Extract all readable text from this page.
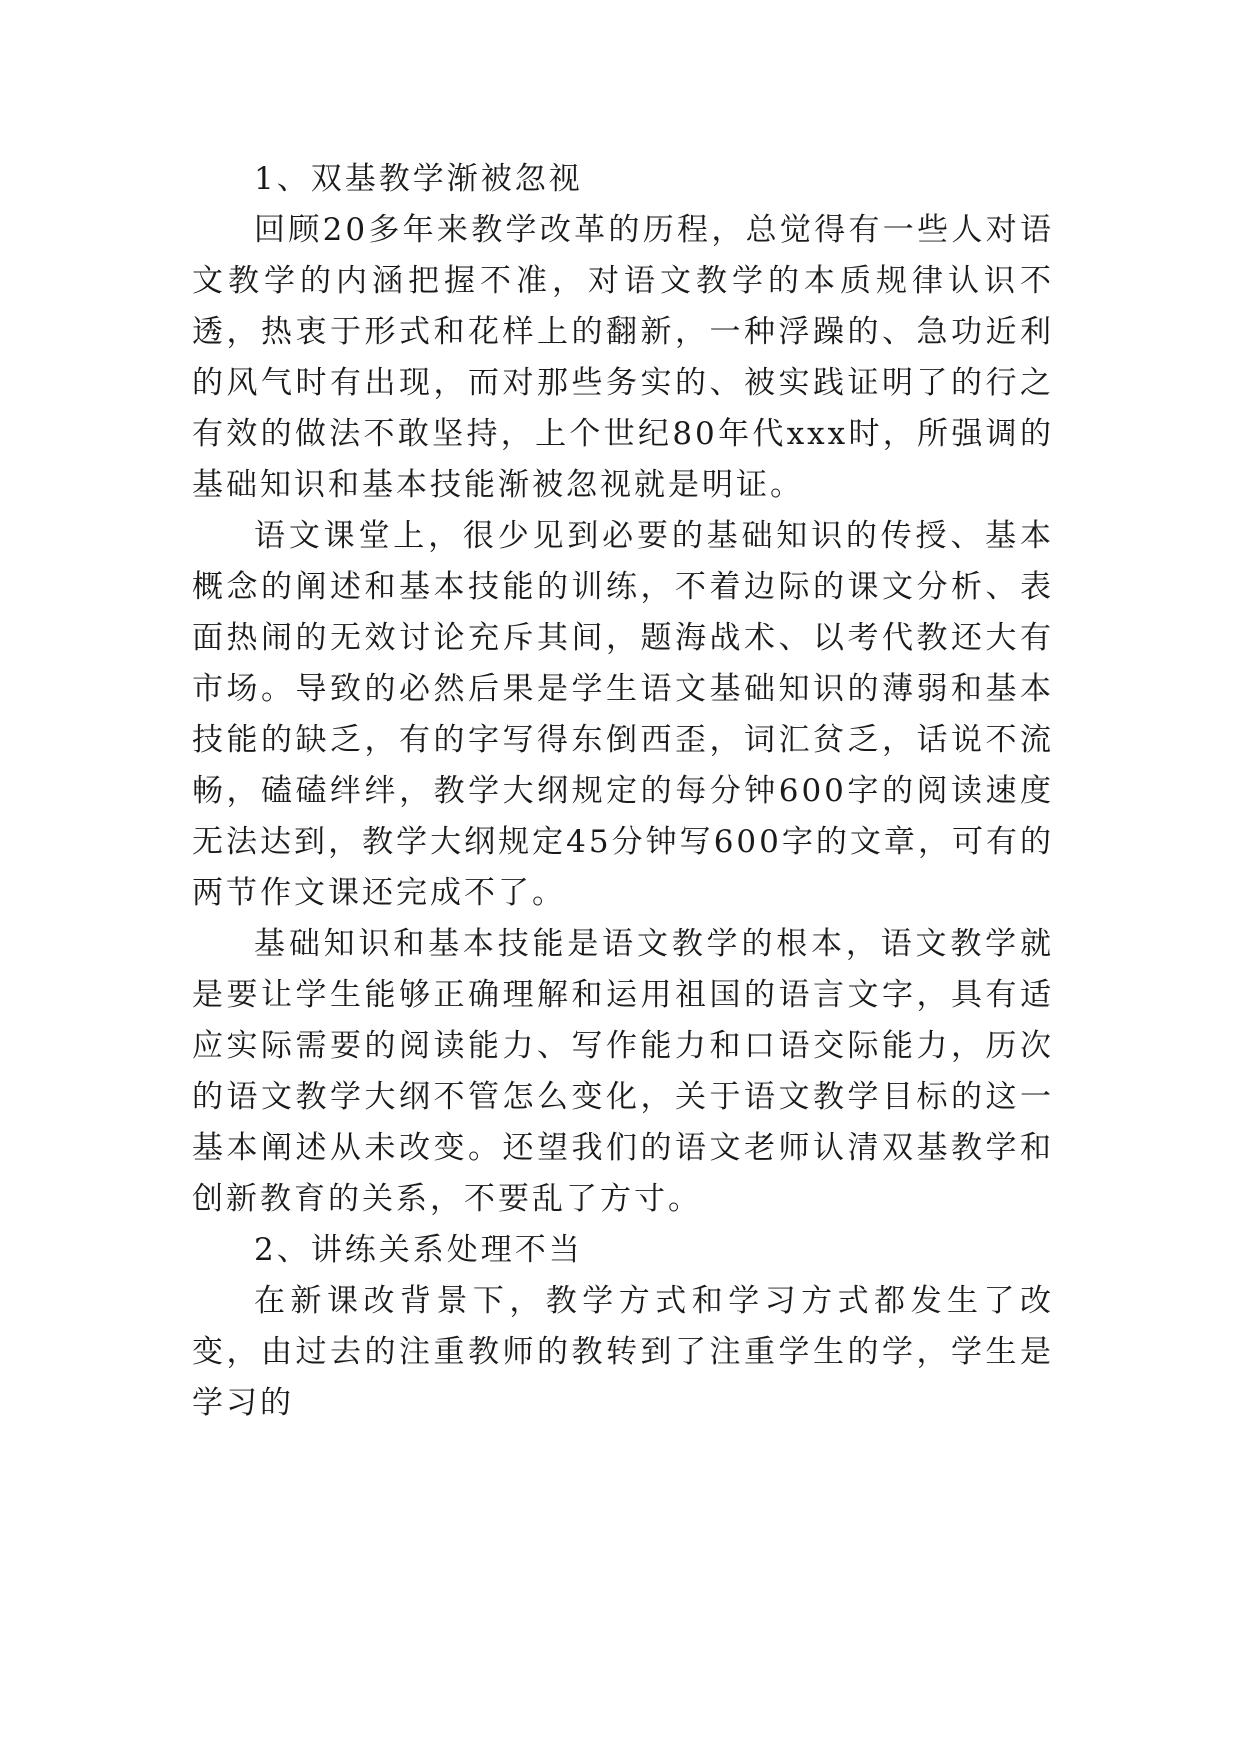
1、双基教学渐被忽视

回顾20多年来教学改革的历程，总觉得有一些人对语文教学的内涵把握不准，对语文教学的本质规律认识不透，热衷于形式和花样上的翻新，一种浮躁的、急功近利的风气时有出现，而对那些务实的、被实践证明了的行之有效的做法不敢坚持，上个世纪80年代xxx时，所强调的基础知识和基本技能渐被忽视就是明证。

语文课堂上，很少见到必要的基础知识的传授、基本概念的阐述和基本技能的训练，不着边际的课文分析、表面热闹的无效讨论充斥其间，题海战术、以考代教还大有市场。导致的必然后果是学生语文基础知识的薄弱和基本技能的缺乏，有的字写得东倒西歪，词汇贫乏，话说不流畅，磕磕绊绊，教学大纲规定的每分钟600字的阅读速度无法达到，教学大纲规定45分钟写600字的文章，可有的两节作文课还完成不了。

基础知识和基本技能是语文教学的根本，语文教学就是要让学生能够正确理解和运用祖国的语言文字，具有适应实际需要的阅读能力、写作能力和口语交际能力，历次的语文教学大纲不管怎么变化，关于语文教学目标的这一基本阐述从未改变。还望我们的语文老师认清双基教学和创新教育的关系，不要乱了方寸。

2、讲练关系处理不当

在新课改背景下，教学方式和学习方式都发生了改变，由过去的注重教师的教转到了注重学生的学，学生是学习的
